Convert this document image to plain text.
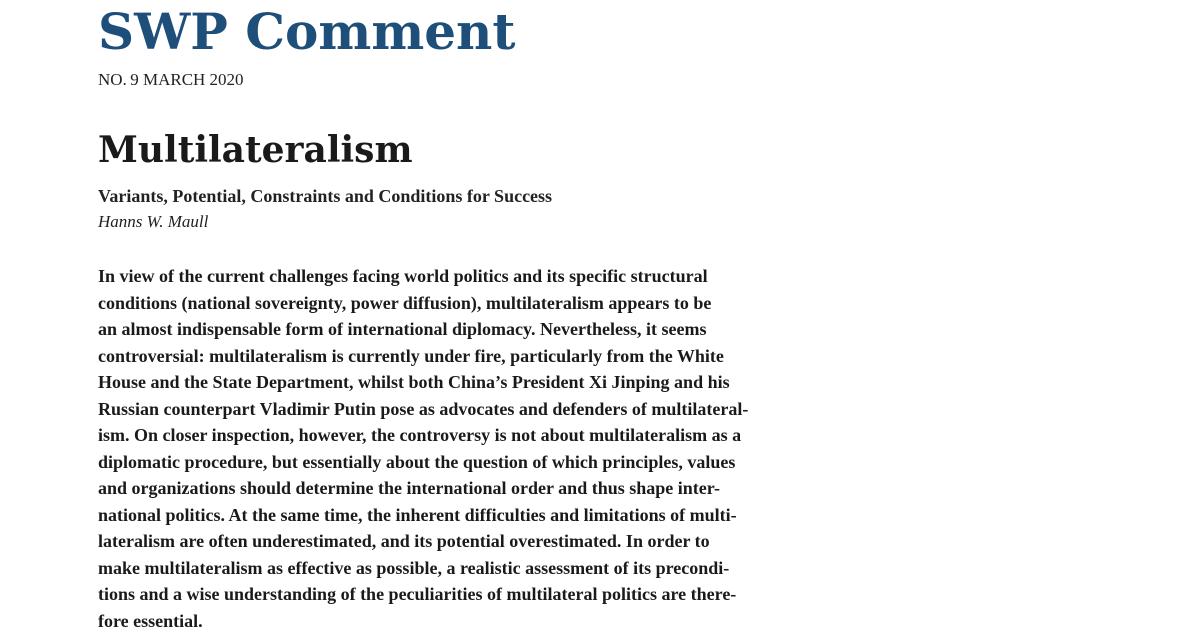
SWP Comment
NO. 9 MARCH 2020
Multilateralism
Variants, Potential, Constraints and Conditions for Success
Hanns W. Maull
In view of the current challenges facing world politics and its specific structural
conditions (national sovereignty, power diffusion), multilateralism appears to be
an almost indispensable form of international diplomacy. Nevertheless, it seems
controversial: multilateralism is currently under fire, particularly from the White
House and the State Department, whilst both China’s President Xi Jinping and his
Russian counterpart Vladimir Putin pose as advocates and defenders of multilateral-
ism. On closer inspection, however, the controversy is not about multilateralism as a
diplomatic procedure, but essentially about the question of which principles, values
and organizations should determine the international order and thus shape inter-
national politics. At the same time, the inherent difficulties and limitations of multi-
lateralism are often underestimated, and its potential overestimated. In order to
make multilateralism as effective as possible, a realistic assessment of its precondi-
tions and a wise understanding of the peculiarities of multilateral politics are there-
fore essential.
